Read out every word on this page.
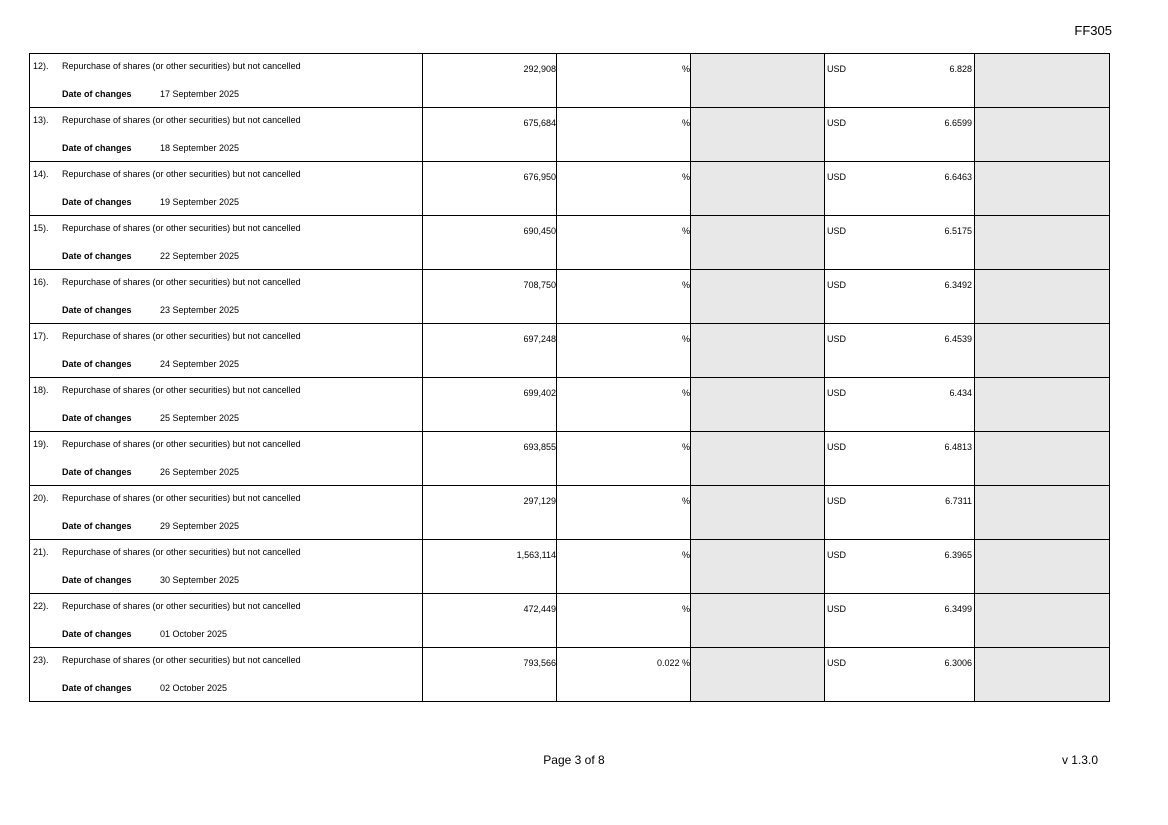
FF305
12). Repurchase of shares (or other securities) but not cancelled
Date of changes 17 September 2025	292,908	%		USD 6.828	

13). Repurchase of shares (or other securities) but not cancelled
Date of changes 18 September 2025	675,684	%		USD 6.6599	

14). Repurchase of shares (or other securities) but not cancelled
Date of changes 19 September 2025	676,950	%		USD 6.6463	

15). Repurchase of shares (or other securities) but not cancelled
Date of changes 22 September 2025	690,450	%		USD 6.5175	

16). Repurchase of shares (or other securities) but not cancelled
Date of changes 23 September 2025	708,750	%		USD 6.3492	

17). Repurchase of shares (or other securities) but not cancelled
Date of changes 24 September 2025	697,248	%		USD 6.4539	

18). Repurchase of shares (or other securities) but not cancelled
Date of changes 25 September 2025	699,402	%		USD 6.434	

19). Repurchase of shares (or other securities) but not cancelled
Date of changes 26 September 2025	693,855	%		USD 6.4813	

20). Repurchase of shares (or other securities) but not cancelled
Date of changes 29 September 2025	297,129	%		USD 6.7311	

21). Repurchase of shares (or other securities) but not cancelled
Date of changes 30 September 2025	1,563,114	%		USD 6.3965	

22). Repurchase of shares (or other securities) but not cancelled
Date of changes 01 October 2025	472,449	%		USD 6.3499	

23). Repurchase of shares (or other securities) but not cancelled
Date of changes 02 October 2025	793,566	0.022 %		USD 6.3006	

Page 3 of 8	v 1.3.0
